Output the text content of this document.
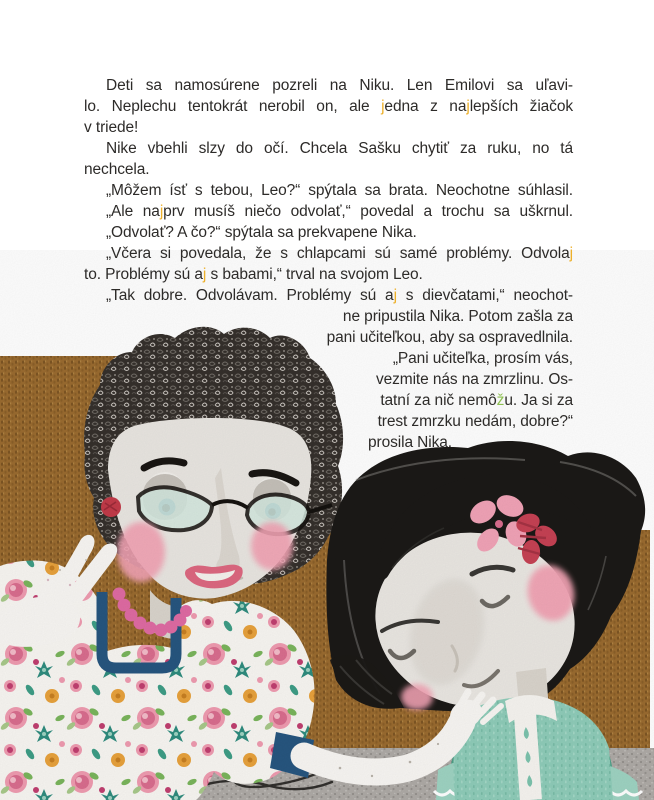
Deti sa namosúrene pozreli na Niku. Len Emilovi sa uľavi-
lo. Neplechu tentokrát nerobil on, ale jedna z najlepších žiačok
v triede!
Nike vbehli slzy do očí. Chcela Sašku chytiť za ruku, no tá
nechcela.
„Môžem ísť s tebou, Leo?“ spýtala sa brata. Neochotne súhlasil.
„Ale najprv musíš niečo odvolať,“ povedal a trochu sa uškrnul.
„Odvolať? A čo?“ spýtala sa prekvapene Nika.
„Včera si povedala, že s chlapcami sú samé problémy. Odvolaj
to. Problémy sú aj s babami,“ trval na svojom Leo.
„Tak dobre. Odvolávam. Problémy sú aj s dievčatami,“ neochot-
ne pripustila Nika. Potom zašla za
pani učiteľkou, aby sa ospravedlnila.
„Pani učiteľka, prosím vás,
vezmite nás na zmrzlinu. Os-
tatní za nič nemôžu. Ja si za
trest zmrzku nedám, dobre?“
prosila Nika.
